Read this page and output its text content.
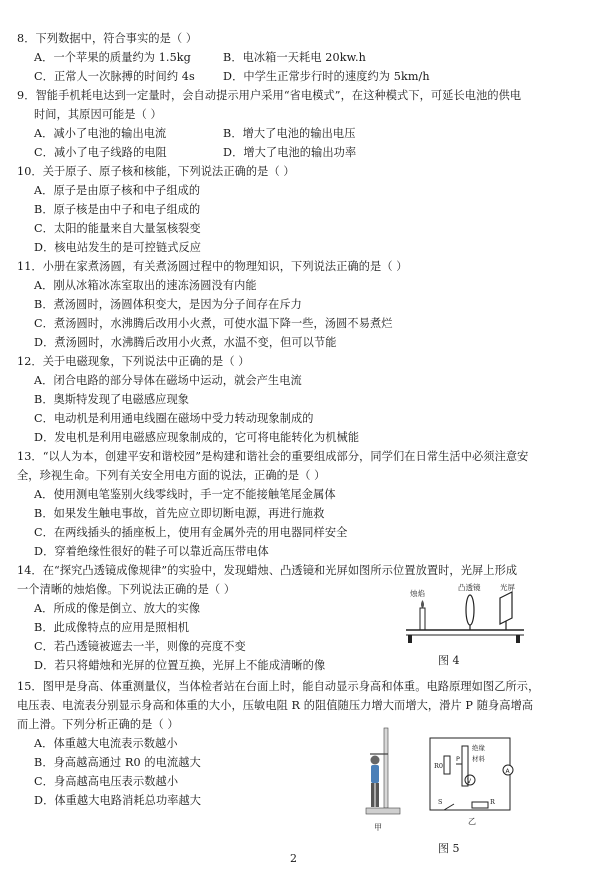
8．下列数据中，符合事实的是（ ）
A．一个苹果的质量约为 1.5kg	B．电冰箱一天耗电 20kw.h
C．正常人一次脉搏的时间约 4s	D．中学生正常步行时的速度约为 5km/h
9．智能手机耗电达到一定量时，会自动提示用户采用“省电模式”，在这种模式下，可延长电池的供电
时间，其原因可能是（ ）
A．减小了电池的输出电流	B．增大了电池的输出电压
C．减小了电子线路的电阻	D．增大了电池的输出功率
10．关于原子、原子核和核能，下列说法正确的是（ ）
A．原子是由原子核和中子组成的
B．原子核是由中子和电子组成的
C．太阳的能量来自大量氢核裂变
D．核电站发生的是可控链式反应
11．小册在家煮汤圆，有关煮汤圆过程中的物理知识，下列说法正确的是（ ）
A．刚从冰箱冰冻室取出的速冻汤圆没有内能
B．煮汤圆时，汤圆体积变大，是因为分子间存在斥力
C．煮汤圆时，水沸腾后改用小火煮，可使水温下降一些，汤圆不易煮烂
D．煮汤圆时，水沸腾后改用小火煮，水温不变，但可以节能
12．关于电磁现象，下列说法中正确的是（ ）
A．闭合电路的部分导体在磁场中运动，就会产生电流
B．奥斯特发现了电磁感应现象
C．电动机是利用通电线圈在磁场中受力转动现象制成的
D．发电机是利用电磁感应现象制成的，它可将电能转化为机械能
13．“以人为本，创建平安和谐校园”是构建和谐社会的重要组成部分，同学们在日常生活中必须注意安
全，珍视生命。下列有关安全用电方面的说法，正确的是（ ）
A．使用测电笔鉴别火线零线时，手一定不能接触笔尾金属体
B．如果发生触电事故，首先应立即切断电源，再进行施救
C．在两线插头的插座板上，使用有金属外壳的用电器同样安全
D．穿着绝缘性很好的鞋子可以靠近高压带电体
14．在“探究凸透镜成像规律”的实验中，发现蜡烛、凸透镜和光屏如图所示位置放置时，光屏上形成
一个清晰的烛焰像。下列说法正确的是（ ）
A．所成的像是倒立、放大的实像
B．此成像特点的应用是照相机
C．若凸透镜被遮去一半，则像的亮度不变
D．若只将蜡烛和光屏的位置互换，光屏上不能成清晰的像
烛焰
凸透镜	光屏
图 4
15．图甲是身高、体重测量仪，当体检者站在台面上时，能自动显示身高和体重。电路原理如图乙所示，
电压表、电流表分别显示身高和体重的大小，压敏电阻 R 的阻值随压力增大而增大，滑片 P 随身高增高
而上滑。下列分析正确的是（ ）
A．体重越大电流表示数越小
B．身高越高通过 R0 的电流越大
C．身高越高电压表示数越小
D．体重越大电路消耗总功率越大
甲
绝缘
P 材料
R0
V
A
S	R
乙
图 5
2
